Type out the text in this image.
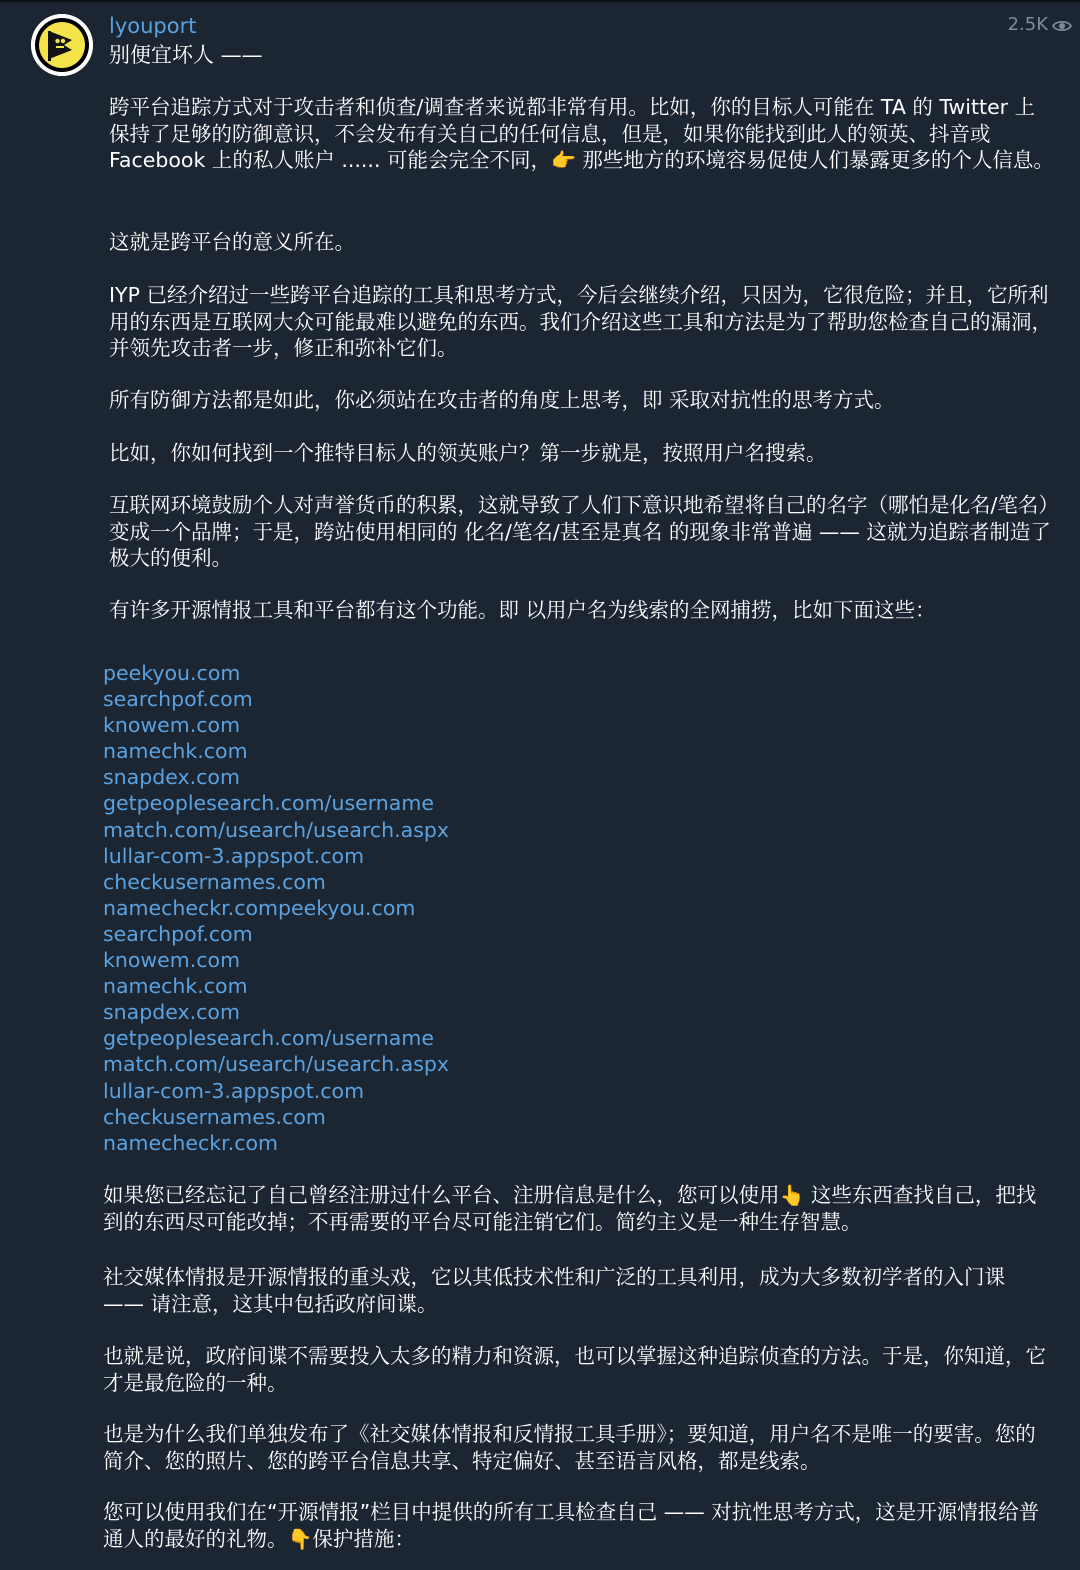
lyouport	2.5K
别便宜坏人 ——

跨平台追踪方式对于攻击者和侦查/调查者来说都非常有用。比如，你的目标人可能在 TA 的 Twitter 上保持了足够的防御意识，不会发布有关自己的任何信息，但是，如果你能找到此人的领英、抖音或 Facebook 上的私人账户 ...... 可能会完全不同，👉 那些地方的环境容易促使人们暴露更多的个人信息。

这就是跨平台的意义所在。

IYP 已经介绍过一些跨平台追踪的工具和思考方式，今后会继续介绍，只因为，它很危险；并且，它所利用的东西是互联网大众可能最难以避免的东西。我们介绍这些工具和方法是为了帮助您检查自己的漏洞，并领先攻击者一步，修正和弥补它们。

所有防御方法都是如此，你必须站在攻击者的角度上思考，即 采取对抗性的思考方式。

比如，你如何找到一个推特目标人的领英账户？第一步就是，按照用户名搜索。

互联网环境鼓励个人对声誉货币的积累，这就导致了人们下意识地希望将自己的名字（哪怕是化名/笔名）变成一个品牌；于是，跨站使用相同的 化名/笔名/甚至是真名 的现象非常普遍 —— 这就为追踪者制造了极大的便利。

有许多开源情报工具和平台都有这个功能。即 以用户名为线索的全网捕捞，比如下面这些：

peekyou.com
searchpof.com
knowem.com
namechk.com
snapdex.com
getpeoplesearch.com/username
match.com/usearch/usearch.aspx
lullar-com-3.appspot.com
checkusernames.com
namecheckr.compeekyou.com
searchpof.com
knowem.com
namechk.com
snapdex.com
getpeoplesearch.com/username
match.com/usearch/usearch.aspx
lullar-com-3.appspot.com
checkusernames.com
namecheckr.com

如果您已经忘记了自己曾经注册过什么平台、注册信息是什么，您可以使用👆 这些东西查找自己，把找到的东西尽可能改掉；不再需要的平台尽可能注销它们。简约主义是一种生存智慧。

社交媒体情报是开源情报的重头戏，它以其低技术性和广泛的工具利用，成为大多数初学者的入门课 —— 请注意，这其中包括政府间谍。

也就是说，政府间谍不需要投入太多的精力和资源，也可以掌握这种追踪侦查的方法。于是，你知道，它才是最危险的一种。

也是为什么我们单独发布了《社交媒体情报和反情报工具手册》；要知道，用户名不是唯一的要害。您的简介、您的照片、您的跨平台信息共享、特定偏好、甚至语言风格，都是线索。

您可以使用我们在“开源情报”栏目中提供的所有工具检查自己 —— 对抗性思考方式，这是开源情报给普通人的最好的礼物。👇保护措施：
